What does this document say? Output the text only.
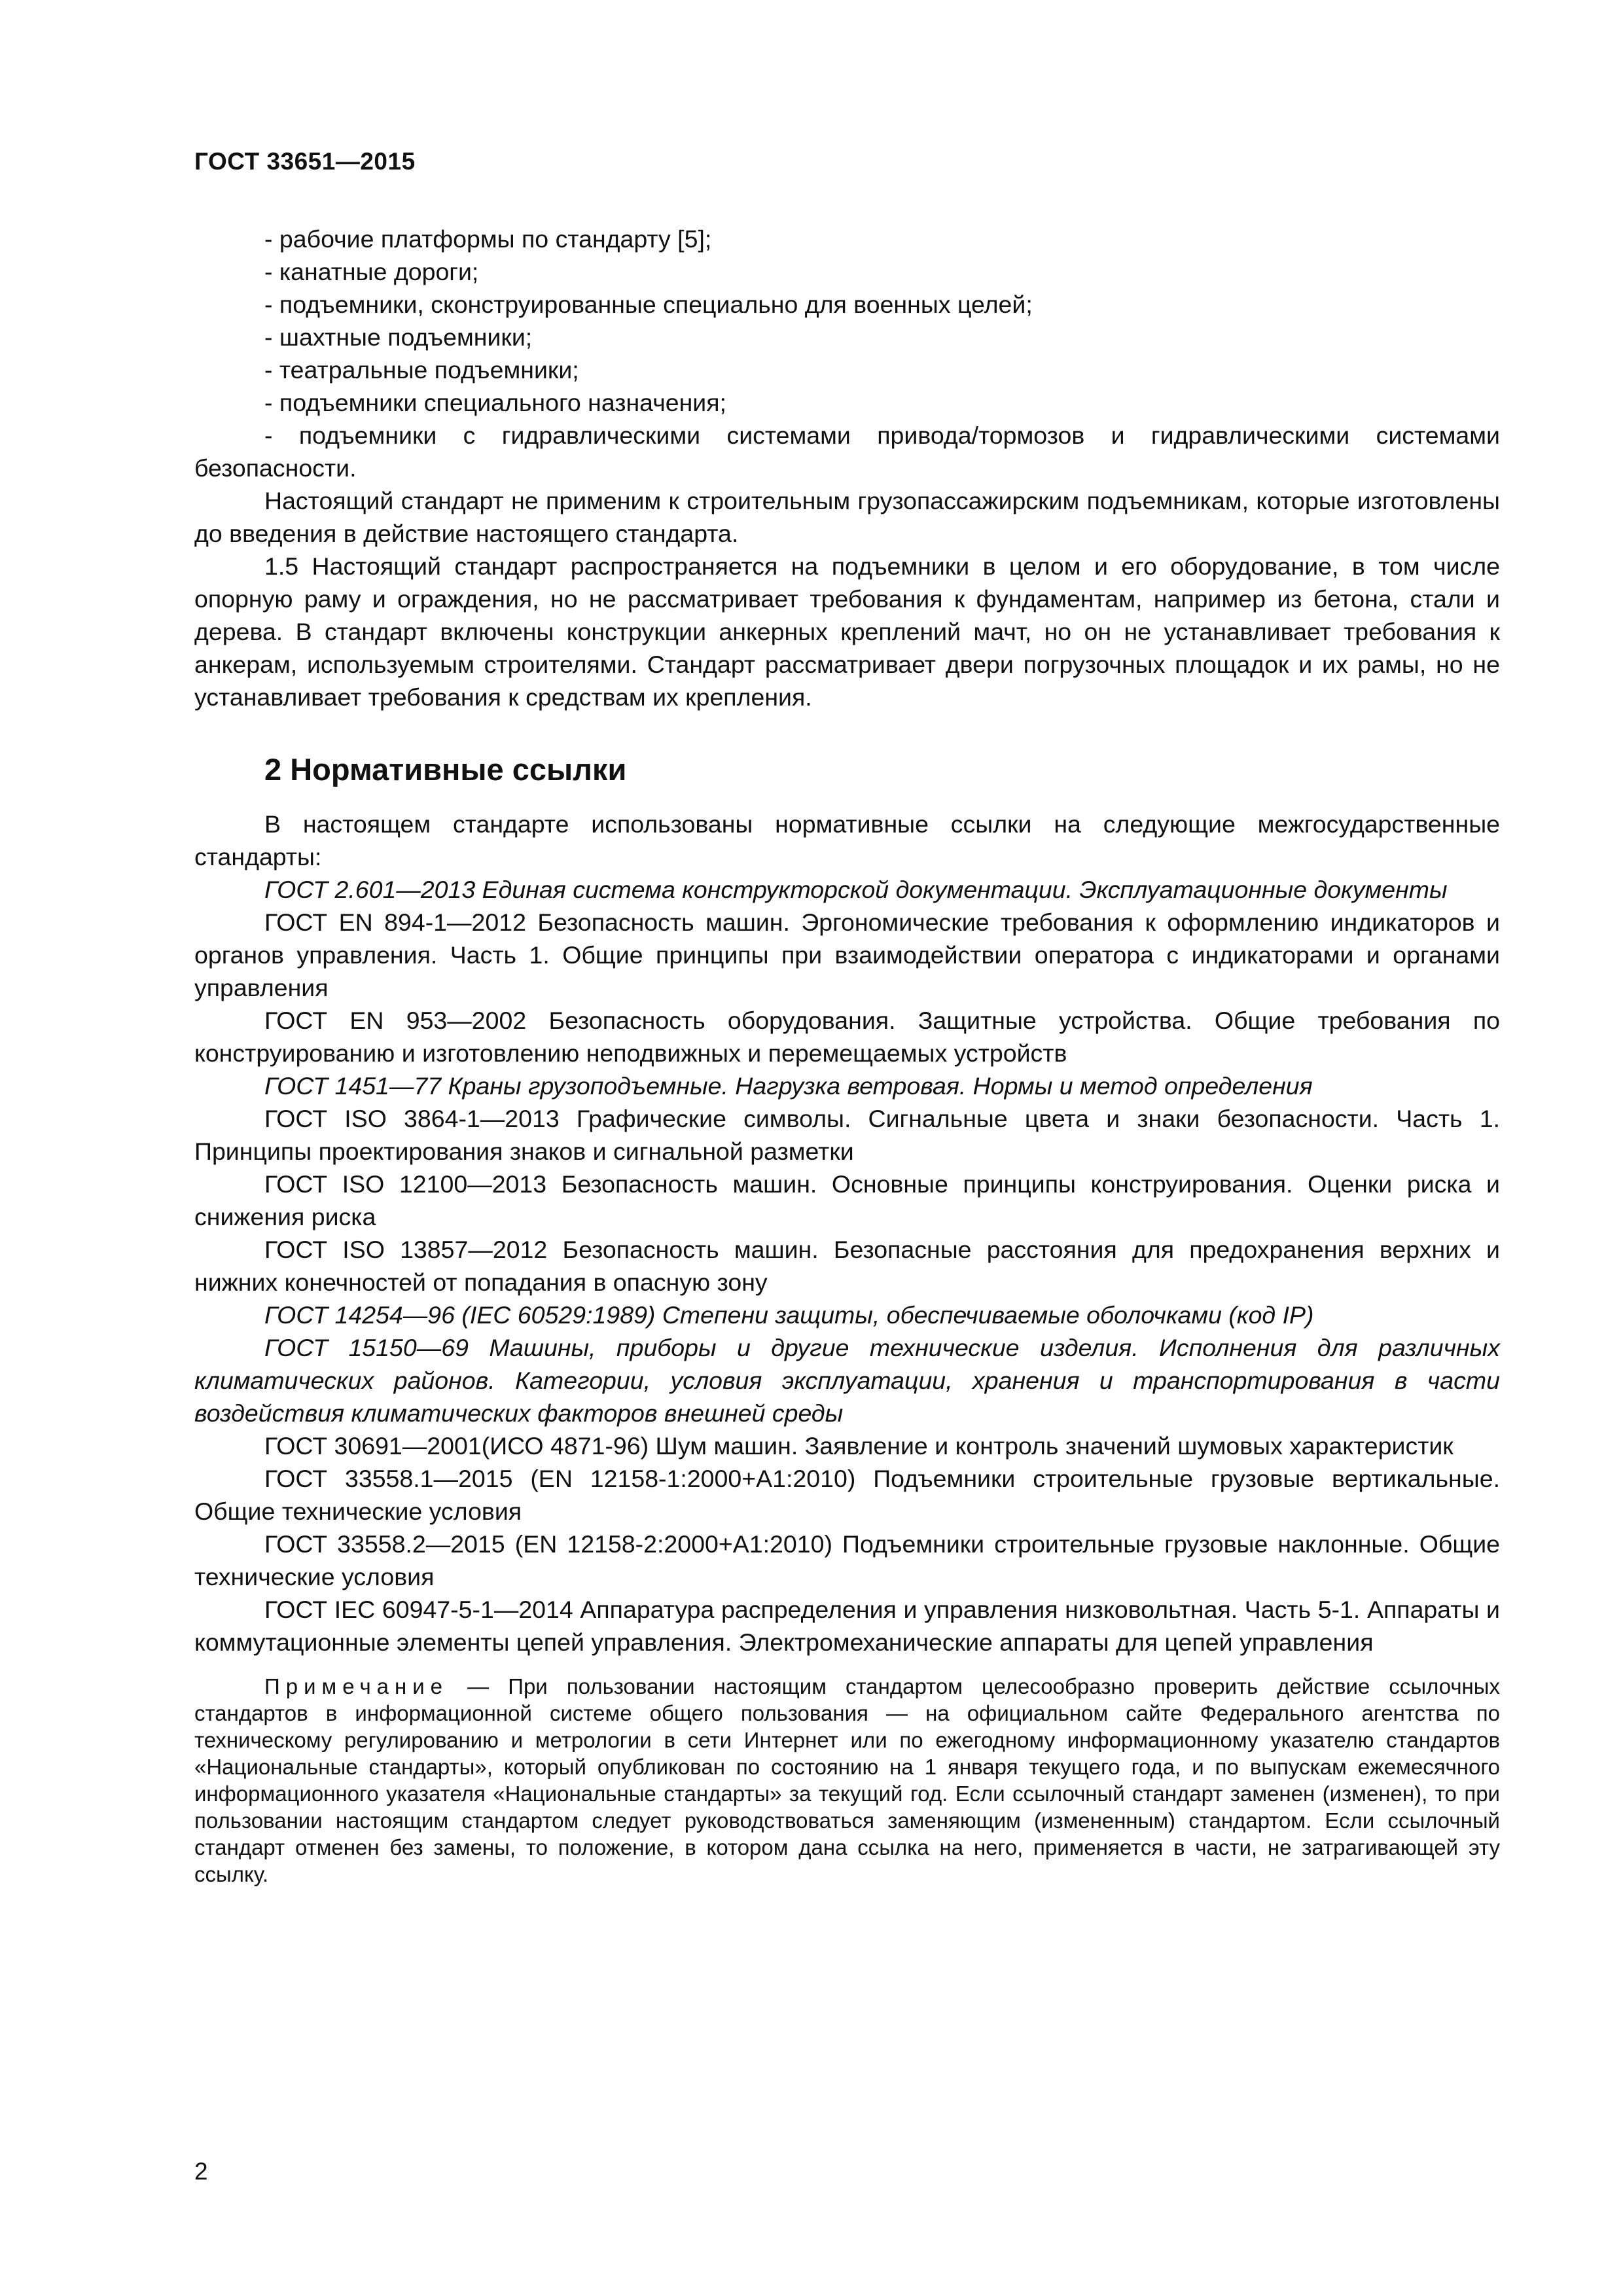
ГОСТ 33651—2015

- рабочие платформы по стандарту [5];

- канатные дороги;

- подъемники, сконструированные специально для военных целей;

- шахтные подъемники;

- театральные подъемники;

- подъемники специального назначения;

- подъемники с гидравлическими системами привода/тормозов и гидравлическими системами безопасности.

Настоящий стандарт не применим к строительным грузопассажирским подъемникам, которые изготовлены до введения в действие настоящего стандарта.

1.5 Настоящий стандарт распространяется на подъемники в целом и его оборудование, в том числе опорную раму и ограждения, но не рассматривает требования к фундаментам, например из бетона, стали и дерева. В стандарт включены конструкции анкерных креплений мачт, но он не устанавливает требования к анкерам, используемым строителями. Стандарт рассматривает двери погрузочных площадок и их рамы, но не устанавливает требования к средствам их крепления.

2 Нормативные ссылки

В настоящем стандарте использованы нормативные ссылки на следующие межгосударственные стандарты:

ГОСТ 2.601—2013 Единая система конструкторской документации. Эксплуатационные документы

ГОСТ EN 894-1—2012 Безопасность машин. Эргономические требования к оформлению индикаторов и органов управления. Часть 1. Общие принципы при взаимодействии оператора с индикаторами и органами управления

ГОСТ EN 953—2002 Безопасность оборудования. Защитные устройства. Общие требования по конструированию и изготовлению неподвижных и перемещаемых устройств

ГОСТ 1451—77 Краны грузоподъемные. Нагрузка ветровая. Нормы и метод определения

ГОСТ ISO 3864-1—2013 Графические символы. Сигнальные цвета и знаки безопасности. Часть 1. Принципы проектирования знаков и сигнальной разметки

ГОСТ ISO 12100—2013 Безопасность машин. Основные принципы конструирования. Оценки риска и снижения риска

ГОСТ ISO 13857—2012 Безопасность машин. Безопасные расстояния для предохранения верхних и нижних конечностей от попадания в опасную зону

ГОСТ 14254—96 (IEC 60529:1989) Степени защиты, обеспечиваемые оболочками (код IP)

ГОСТ 15150—69 Машины, приборы и другие технические изделия. Исполнения для различных климатических районов. Категории, условия эксплуатации, хранения и транспортирования в части воздействия климатических факторов внешней среды

ГОСТ 30691—2001(ИСО 4871-96) Шум машин. Заявление и контроль значений шумовых характеристик

ГОСТ 33558.1—2015 (EN 12158-1:2000+A1:2010) Подъемники строительные грузовые вертикальные. Общие технические условия

ГОСТ 33558.2—2015 (EN 12158-2:2000+A1:2010) Подъемники строительные грузовые наклонные. Общие технические условия

ГОСТ IEC 60947-5-1—2014 Аппаратура распределения и управления низковольтная. Часть 5-1. Аппараты и коммутационные элементы цепей управления. Электромеханические аппараты для цепей управления

Примечание — При пользовании настоящим стандартом целесообразно проверить действие ссылочных стандартов в информационной системе общего пользования — на официальном сайте Федерального агентства по техническому регулированию и метрологии в сети Интернет или по ежегодному информационному указателю стандартов «Национальные стандарты», который опубликован по состоянию на 1 января текущего года, и по выпускам ежемесячного информационного указателя «Национальные стандарты» за текущий год. Если ссылочный стандарт заменен (изменен), то при пользовании настоящим стандартом следует руководствоваться заменяющим (измененным) стандартом. Если ссылочный стандарт отменен без замены, то положение, в котором дана ссылка на него, применяется в части, не затрагивающей эту ссылку.

2
